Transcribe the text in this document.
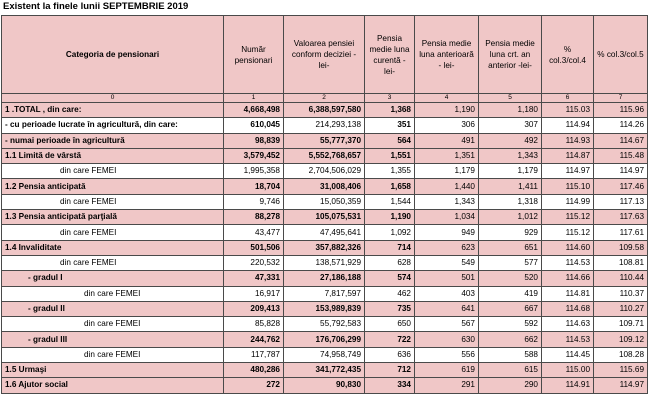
Existent la finele lunii SEPTEMBRIE 2019
Categoria de pensionari	Număr pensionari	Valoarea pensiei conform deciziei -lei-	Pensia medie luna curentă -lei-	Pensia medie luna anterioară - lei-	Pensia medie luna crt. an anterior -lei-	% col.3/col.4	% col.3/col.5
0	1	2	3	4	5	6	7
1 .TOTAL , din care:	4,668,498	6,388,597,580	1,368	1,190	1,180	115.03	115.96
- cu perioade lucrate în agricultură, din care:	610,045	214,293,138	351	306	307	114.94	114.26
- numai perioade în agricultură	98,839	55,777,370	564	491	492	114.93	114.67
1.1 Limită de vârstă	3,579,452	5,552,768,657	1,551	1,351	1,343	114.87	115.48
din care FEMEI	1,995,358	2,704,506,029	1,355	1,179	1,179	114.97	114.97
1.2 Pensia anticipată	18,704	31,008,406	1,658	1,440	1,411	115.10	117.46
din care FEMEI	9,746	15,050,359	1,544	1,343	1,318	114.99	117.13
1.3 Pensia anticipată parţială	88,278	105,075,531	1,190	1,034	1,012	115.12	117.63
din care FEMEI	43,477	47,495,641	1,092	949	929	115.12	117.61
1.4 Invaliditate	501,506	357,882,326	714	623	651	114.60	109.58
din care FEMEI	220,532	138,571,929	628	549	577	114.53	108.81
- gradul I	47,331	27,186,188	574	501	520	114.66	110.44
din care FEMEI	16,917	7,817,597	462	403	419	114.81	110.37
- gradul II	209,413	153,989,839	735	641	667	114.68	110.27
din care FEMEI	85,828	55,792,583	650	567	592	114.63	109.71
- gradul III	244,762	176,706,299	722	630	662	114.53	109.12
din care FEMEI	117,787	74,958,749	636	556	588	114.45	108.28
1.5 Urmaşi	480,286	341,772,435	712	619	615	115.00	115.69
1.6 Ajutor social	272	90,830	334	291	290	114.91	114.97
